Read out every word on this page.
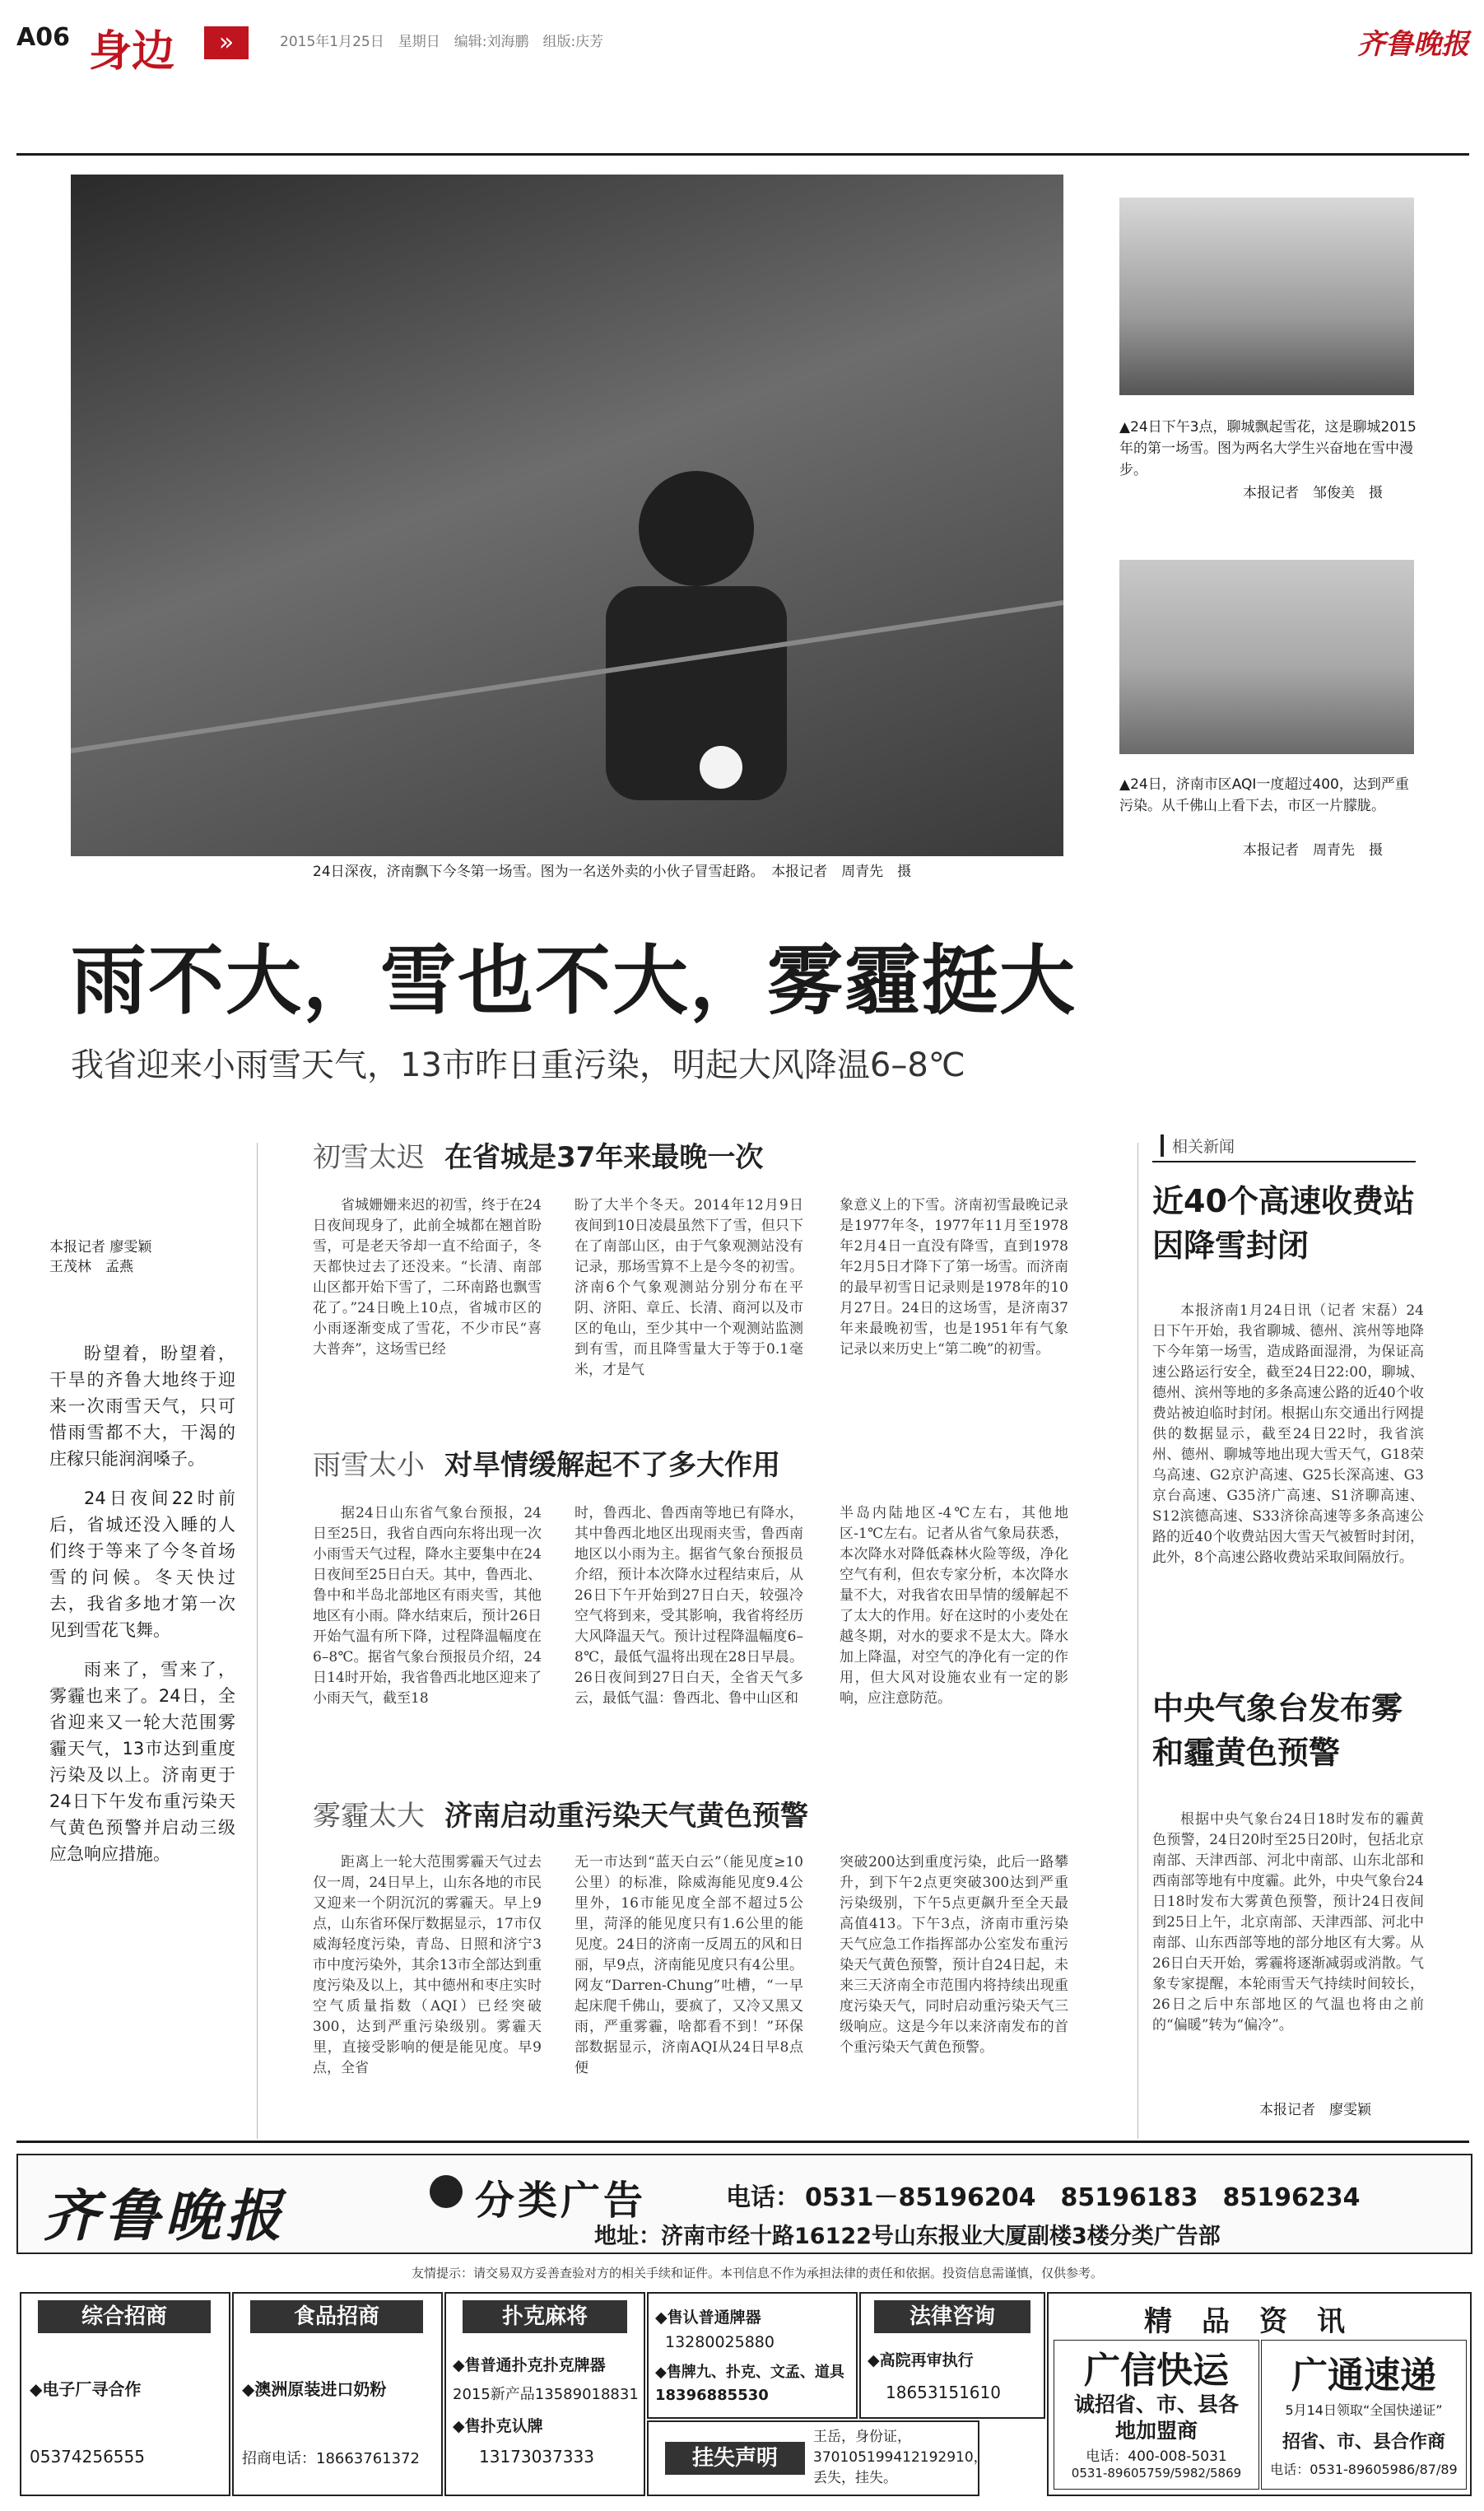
A06 身边	»	2015年1月25日　星期日　编辑:刘海鹏　组版:庆芳	齐鲁晚报
24日深夜，济南飘下今冬第一场雪。图为一名送外卖的小伙子冒雪赶路。　本报记者　周青先　摄
▲24日下午3点，聊城飘起雪花，这是聊城2015年的第一场雪。图为两名大学生兴奋地在雪中漫步。
本报记者　邹俊美　摄
▲24日，济南市区AQI一度超过400，达到严重污染。从千佛山上看下去，市区一片朦胧。
本报记者　周青先　摄
雨不大，雪也不大，雾霾挺大
我省迎来小雨雪天气，13市昨日重污染，明起大风降温6–8℃
本报记者 廖雯颖
王茂林　孟燕
盼望着，盼望着，干旱的齐鲁大地终于迎来一次雨雪天气，只可惜雨雪都不大，干渴的庄稼只能润润嗓子。
24日夜间22时前后，省城还没入睡的人们终于等来了今冬首场雪的问候。冬天快过去，我省多地才第一次见到雪花飞舞。
雨来了，雪来了，雾霾也来了。24日，全省迎来又一轮大范围雾霾天气，13市达到重度污染及以上。济南更于24日下午发布重污染天气黄色预警并启动三级应急响应措施。
初雪太迟 在省城是37年来最晚一次
省城姗姗来迟的初雪，终于在24日夜间现身了，此前全城都在翘首盼雪，可是老天爷却一直不给面子，冬天都快过去了还没来。“长清、南部山区都开始下雪了，二环南路也飘雪花了。”24日晚上10点，省城市区的小雨逐渐变成了雪花，不少市民“喜大普奔”，这场雪已经
盼了大半个冬天。2014年12月9日夜间到10日凌晨虽然下了雪，但只下在了南部山区，由于气象观测站没有记录，那场雪算不上是今冬的初雪。济南6个气象观测站分别分布在平阴、济阳、章丘、长清、商河以及市区的龟山，至少其中一个观测站监测到有雪，而且降雪量大于等于0.1毫米，才是气
象意义上的下雪。济南初雪最晚记录是1977年冬，1977年11月至1978年2月4日一直没有降雪，直到1978年2月5日才降下了第一场雪。而济南的最早初雪日记录则是1978年的10月27日。24日的这场雪，是济南37年来最晚初雪，也是1951年有气象记录以来历史上“第二晚”的初雪。
雨雪太小 对旱情缓解起不了多大作用
据24日山东省气象台预报，24日至25日，我省自西向东将出现一次小雨雪天气过程，降水主要集中在24日夜间至25日白天。其中，鲁西北、鲁中和半岛北部地区有雨夹雪，其他地区有小雨。降水结束后，预计26日开始气温有所下降，过程降温幅度在6–8℃。据省气象台预报员介绍，24日14时开始，我省鲁西北地区迎来了小雨天气，截至18
时，鲁西北、鲁西南等地已有降水，其中鲁西北地区出现雨夹雪，鲁西南地区以小雨为主。据省气象台预报员介绍，预计本次降水过程结束后，从26日下午开始到27日白天，较强冷空气将到来，受其影响，我省将经历大风降温天气。预计过程降温幅度6–8℃，最低气温将出现在28日早晨。26日夜间到27日白天，全省天气多云，最低气温：鲁西北、鲁中山区和
半岛内陆地区-4℃左右，其他地区-1℃左右。记者从省气象局获悉，本次降水对降低森林火险等级，净化空气有利，但农专家分析，本次降水量不大，对我省农田旱情的缓解起不了太大的作用。好在这时的小麦处在越冬期，对水的要求不是太大。降水加上降温，对空气的净化有一定的作用，但大风对设施农业有一定的影响，应注意防范。
雾霾太大 济南启动重污染天气黄色预警
距离上一轮大范围雾霾天气过去仅一周，24日早上，山东各地的市民又迎来一个阴沉沉的雾霾天。早上9点，山东省环保厅数据显示，17市仅威海轻度污染，青岛、日照和济宁3市中度污染外，其余13市全部达到重度污染及以上，其中德州和枣庄实时空气质量指数（AQI）已经突破300，达到严重污染级别。雾霾天里，直接受影响的便是能见度。早9点，全省
无一市达到“蓝天白云”（能见度≥10公里）的标准，除威海能见度9.4公里外，16市能见度全部不超过5公里，菏泽的能见度只有1.6公里的能见度。24日的济南一反周五的风和日丽，早9点，济南能见度只有4公里。网友“Darren-Chung”吐槽，“一早起床爬千佛山，要疯了，又冷又黑又雨，严重雾霾，啥都看不到！”环保部数据显示，济南AQI从24日早8点便
突破200达到重度污染，此后一路攀升，到下午2点更突破300达到严重污染级别，下午5点更飙升至全天最高值413。下午3点，济南市重污染天气应急工作指挥部办公室发布重污染天气黄色预警，预计自24日起，未来三天济南全市范围内将持续出现重度污染天气，同时启动重污染天气三级响应。这是今年以来济南发布的首个重污染天气黄色预警。
相关新闻
近40个高速收费站因降雪封闭
本报济南1月24日讯（记者 宋磊）24日下午开始，我省聊城、德州、滨州等地降下今年第一场雪，造成路面湿滑，为保证高速公路运行安全，截至24日22:00，聊城、德州、滨州等地的多条高速公路的近40个收费站被迫临时封闭。根据山东交通出行网提供的数据显示，截至24日22时，我省滨州、德州、聊城等地出现大雪天气，G18荣乌高速、G2京沪高速、G25长深高速、G3京台高速、G35济广高速、S1济聊高速、S12滨德高速、S33济徐高速等多条高速公路的近40个收费站因大雪天气被暂时封闭，此外，8个高速公路收费站采取间隔放行。
中央气象台发布雾和霾黄色预警
根据中央气象台24日18时发布的霾黄色预警，24日20时至25日20时，包括北京南部、天津西部、河北中南部、山东北部和西南部等地有中度霾。此外，中央气象台24日18时发布大雾黄色预警，预计24日夜间到25日上午，北京南部、天津西部、河北中南部、山东西部等地的部分地区有大雾。从26日白天开始，雾霾将逐渐减弱或消散。气象专家提醒，本轮雨雪天气持续时间较长，26日之后中东部地区的气温也将由之前的“偏暖”转为“偏冷”。
本报记者　廖雯颖
齐鲁晚报	分类广告	电话： 0531－85196204　85196183　85196234
地址：济南市经十路16122号山东报业大厦副楼3楼分类广告部
友情提示：请交易双方妥善查验对方的相关手续和证件。本刊信息不作为承担法律的责任和依据。投资信息需谨慎，仅供参考。
综合招商
◆电子厂寻合作
05374256555
食品招商
◆澳洲原装进口奶粉
招商电话：18663761372
扑克麻将
◆售普通扑克扑克牌器
2015新产品13589018831
◆售扑克认牌
13173037333
◆售认普通牌器
13280025880
◆售牌九、扑克、文孟、道具18396885530
挂失声明
王岳，身份证，370105199412192910，丢失，挂失。
法律咨询
◆高院再审执行
18653151610
精品资讯
广信快运
诚招省、市、县各
地加盟商
电话：400-008-5031
0531-89605759/5982/5869
广通速递
5月14日领取“全国快递证”
招省、市、县合作商
电话：0531-89605986/87/89
